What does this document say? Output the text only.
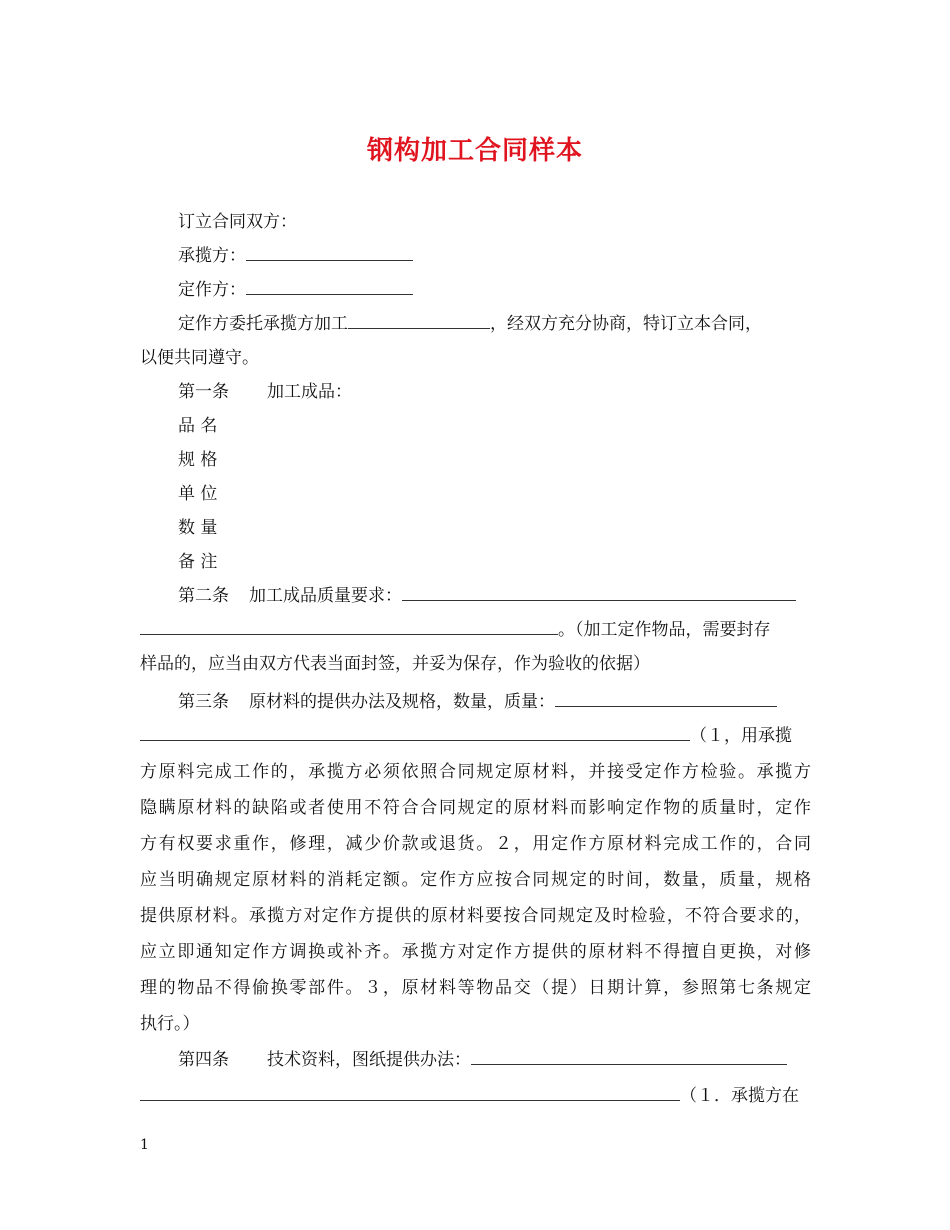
钢构加工合同样本
订立合同双方：
承揽方：
定作方：
定作方委托承揽方加工	，经双方充分协商，特订立本合同，
以便共同遵守。
第一条 加工成品：
品 名
规 格
单 位
数 量
备 注
第二条 加工成品质量要求：
。（加工定作物品，需要封存
样品的，应当由双方代表当面封签，并妥为保存，作为验收的依据）
第三条 原材料的提供办法及规格，数量，质量：
（１，用承揽
方原料完成工作的，承揽方必须依照合同规定原材料，并接受定作方检验。承揽方
隐瞒原材料的缺陷或者使用不符合合同规定的原材料而影响定作物的质量时，定作
方有权要求重作，修理，减少价款或退货。２，用定作方原材料完成工作的，合同
应当明确规定原材料的消耗定额。定作方应按合同规定的时间，数量，质量，规格
提供原材料。承揽方对定作方提供的原材料要按合同规定及时检验，不符合要求的，
应立即通知定作方调换或补齐。承揽方对定作方提供的原材料不得擅自更换，对修
理的物品不得偷换零部件。３，原材料等物品交（提）日期计算，参照第七条规定
执行。）
第四条 技术资料，图纸提供办法：
（１．承揽方在
1
